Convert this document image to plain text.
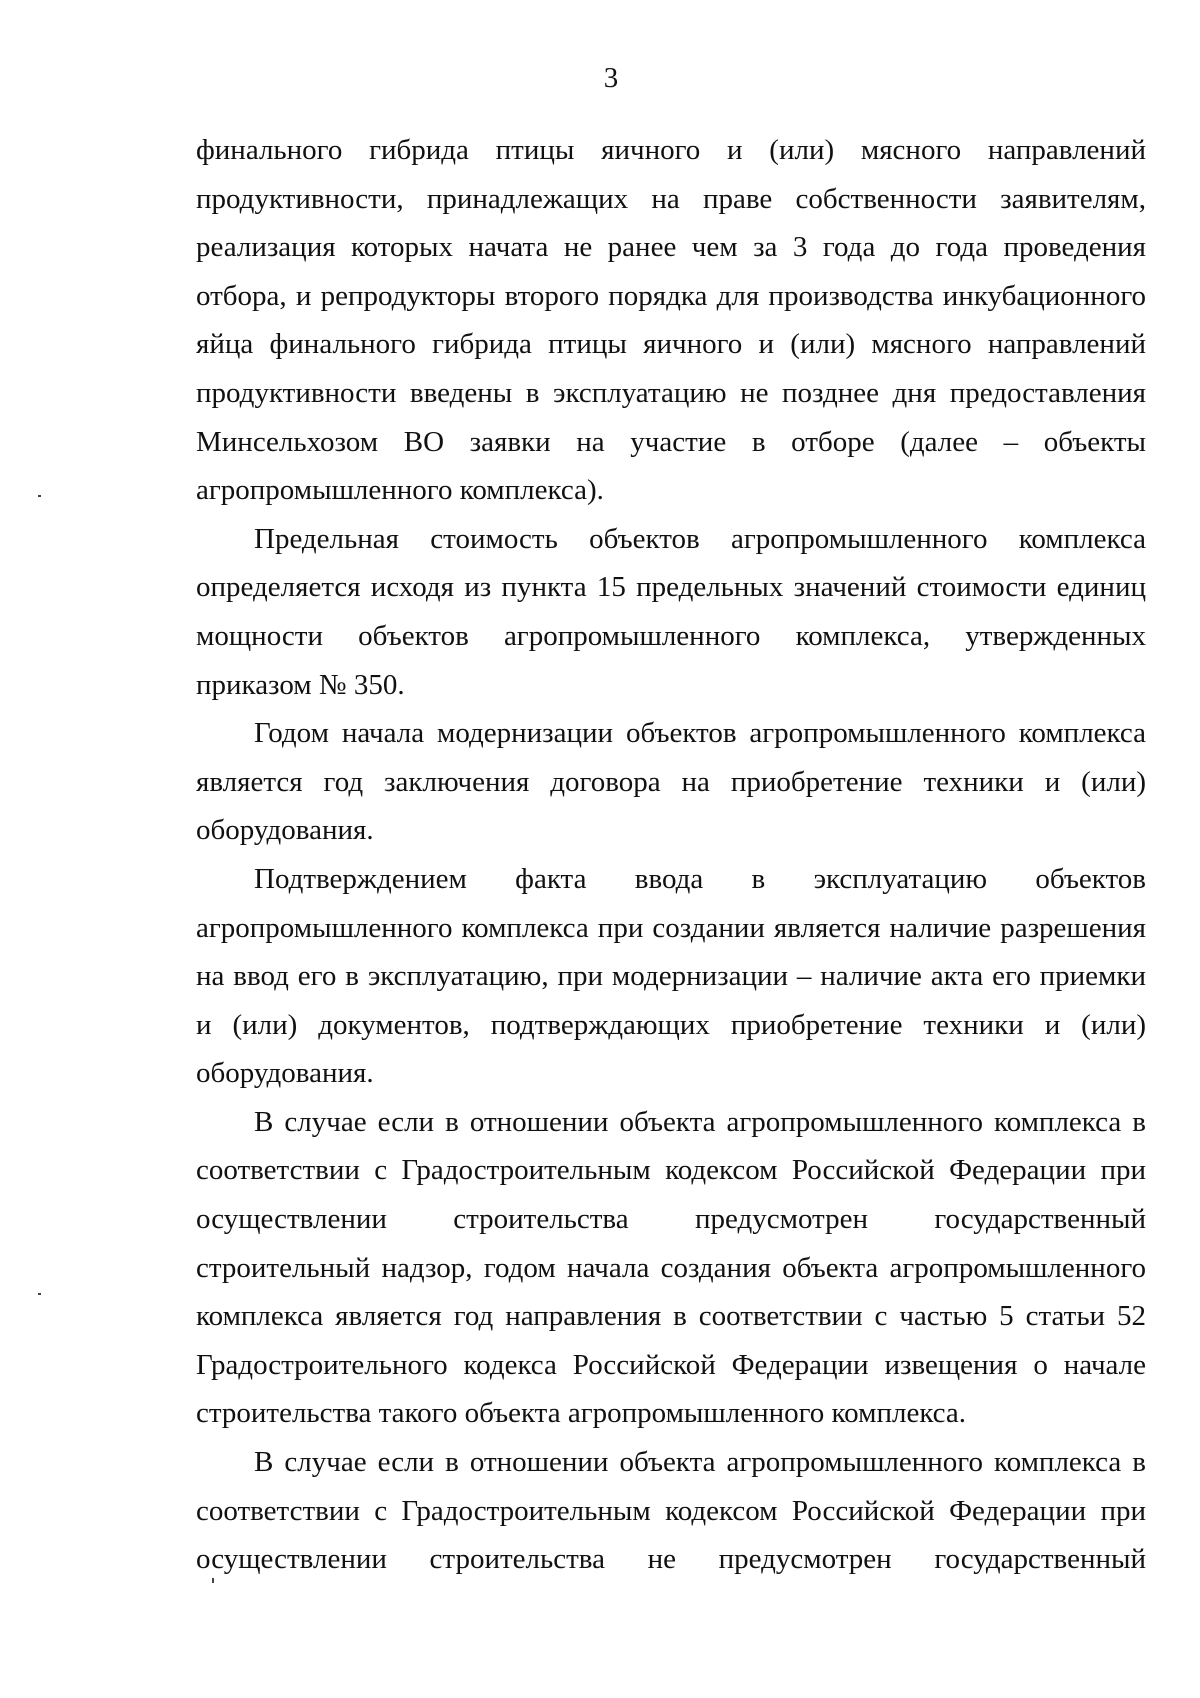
3

финального гибрида птицы яичного и (или) мясного направлений продуктивности, принадлежащих на праве собственности заявителям, реализация которых начата не ранее чем за 3 года до года проведения отбора, и репродукторы второго порядка для производства инкубационного яйца финального гибрида птицы яичного и (или) мясного направлений продуктивности введены в эксплуатацию не позднее дня предоставления Минсельхозом ВО заявки на участие в отборе (далее – объекты агропромышленного комплекса).

Предельная стоимость объектов агропромышленного комплекса определяется исходя из пункта 15 предельных значений стоимости единиц мощности объектов агропромышленного комплекса, утвержденных приказом № 350.

Годом начала модернизации объектов агропромышленного комплекса является год заключения договора на приобретение техники и (или) оборудования.

Подтверждением факта ввода в эксплуатацию объектов агропромышленного комплекса при создании является наличие разрешения на ввод его в эксплуатацию, при модернизации – наличие акта его приемки и (или) документов, подтверждающих приобретение техники и (или) оборудования.

В случае если в отношении объекта агропромышленного комплекса в соответствии с Градостроительным кодексом Российской Федерации при осуществлении строительства предусмотрен государственный строительный надзор, годом начала создания объекта агропромышленного комплекса является год направления в соответствии с частью 5 статьи 52 Градостроительного кодекса Российской Федерации извещения о начале строительства такого объекта агропромышленного комплекса.

В случае если в отношении объекта агропромышленного комплекса в соответствии с Градостроительным кодексом Российской Федерации при осуществлении строительства не предусмотрен государственный
